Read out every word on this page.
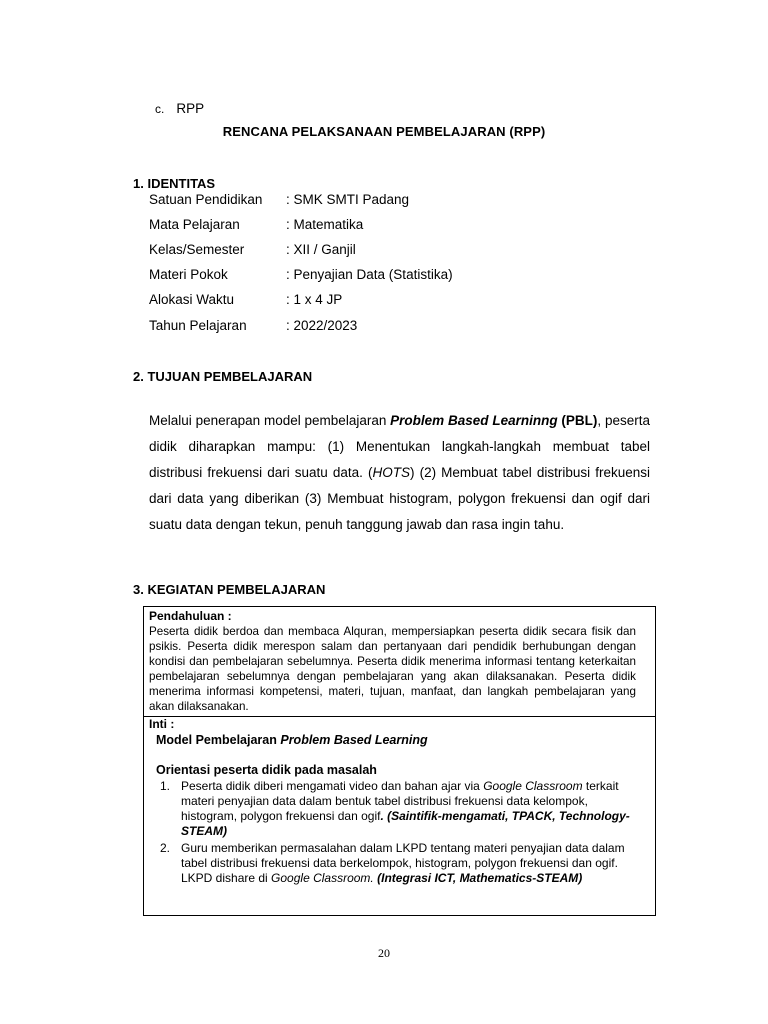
c. RPP
RENCANA PELAKSANAAN PEMBELAJARAN (RPP)
1. IDENTITAS
Satuan Pendidikan : SMK SMTI Padang
Mata Pelajaran	: Matematika
Kelas/Semester	: XII / Ganjil
Materi Pokok	: Penyajian Data (Statistika)
Alokasi Waktu	: 1 x 4 JP
Tahun Pelajaran	: 2022/2023
2. TUJUAN PEMBELAJARAN
Melalui penerapan model pembelajaran Problem Based Learninng (PBL), peserta didik diharapkan mampu: (1) Menentukan langkah-langkah membuat tabel distribusi frekuensi dari suatu data. (HOTS) (2) Membuat tabel distribusi frekuensi dari data yang diberikan (3) Membuat histogram, polygon frekuensi dan ogif dari suatu data dengan tekun, penuh tanggung jawab dan rasa ingin tahu.
3. KEGIATAN PEMBELAJARAN
Pendahuluan :
Peserta didik berdoa dan membaca Alquran, mempersiapkan peserta didik secara fisik dan psikis. Peserta didik merespon salam dan pertanyaan dari pendidik berhubungan dengan kondisi dan pembelajaran sebelumnya. Peserta didik menerima informasi tentang keterkaitan pembelajaran sebelumnya dengan pembelajaran yang akan dilaksanakan. Peserta didik menerima informasi kompetensi, materi, tujuan, manfaat, dan langkah pembelajaran yang akan dilaksanakan.
Inti :
Model Pembelajaran Problem Based Learning
Orientasi peserta didik pada masalah
1. Peserta didik diberi mengamati video dan bahan ajar via Google Classroom terkait materi penyajian data dalam bentuk tabel distribusi frekuensi data kelompok, histogram, polygon frekuensi dan ogif. (Saintifik-mengamati, TPACK, Technology-STEAM)
2. Guru memberikan permasalahan dalam LKPD tentang materi penyajian data dalam tabel distribusi frekuensi data berkelompok, histogram, polygon frekuensi dan ogif. LKPD dishare di Google Classroom. (Integrasi ICT, Mathematics-STEAM)
20
